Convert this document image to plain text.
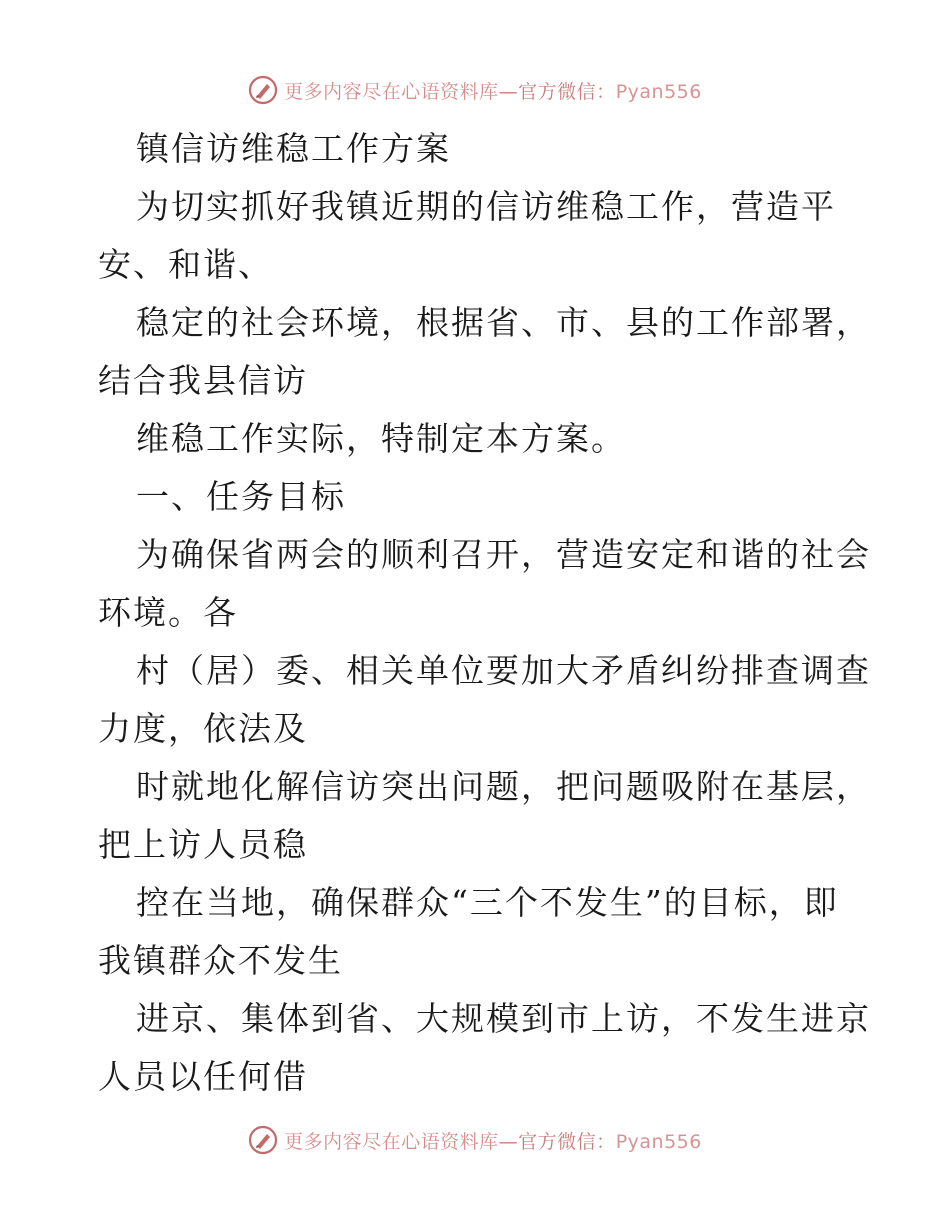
更多内容尽在心语资料库—官方微信：Pyan556
镇信访维稳工作方案
为切实抓好我镇近期的信访维稳工作，营造平
安、和谐、
稳定的社会环境，根据省、市、县的工作部署，
结合我县信访
维稳工作实际，特制定本方案。
一、任务目标
为确保省两会的顺利召开，营造安定和谐的社会
环境。各
村（居）委、相关单位要加大矛盾纠纷排查调查
力度，依法及
时就地化解信访突出问题，把问题吸附在基层，
把上访人员稳
控在当地，确保群众“三个不发生”的目标，即
我镇群众不发生
进京、集体到省、大规模到市上访，不发生进京
人员以任何借
更多内容尽在心语资料库—官方微信：Pyan556
